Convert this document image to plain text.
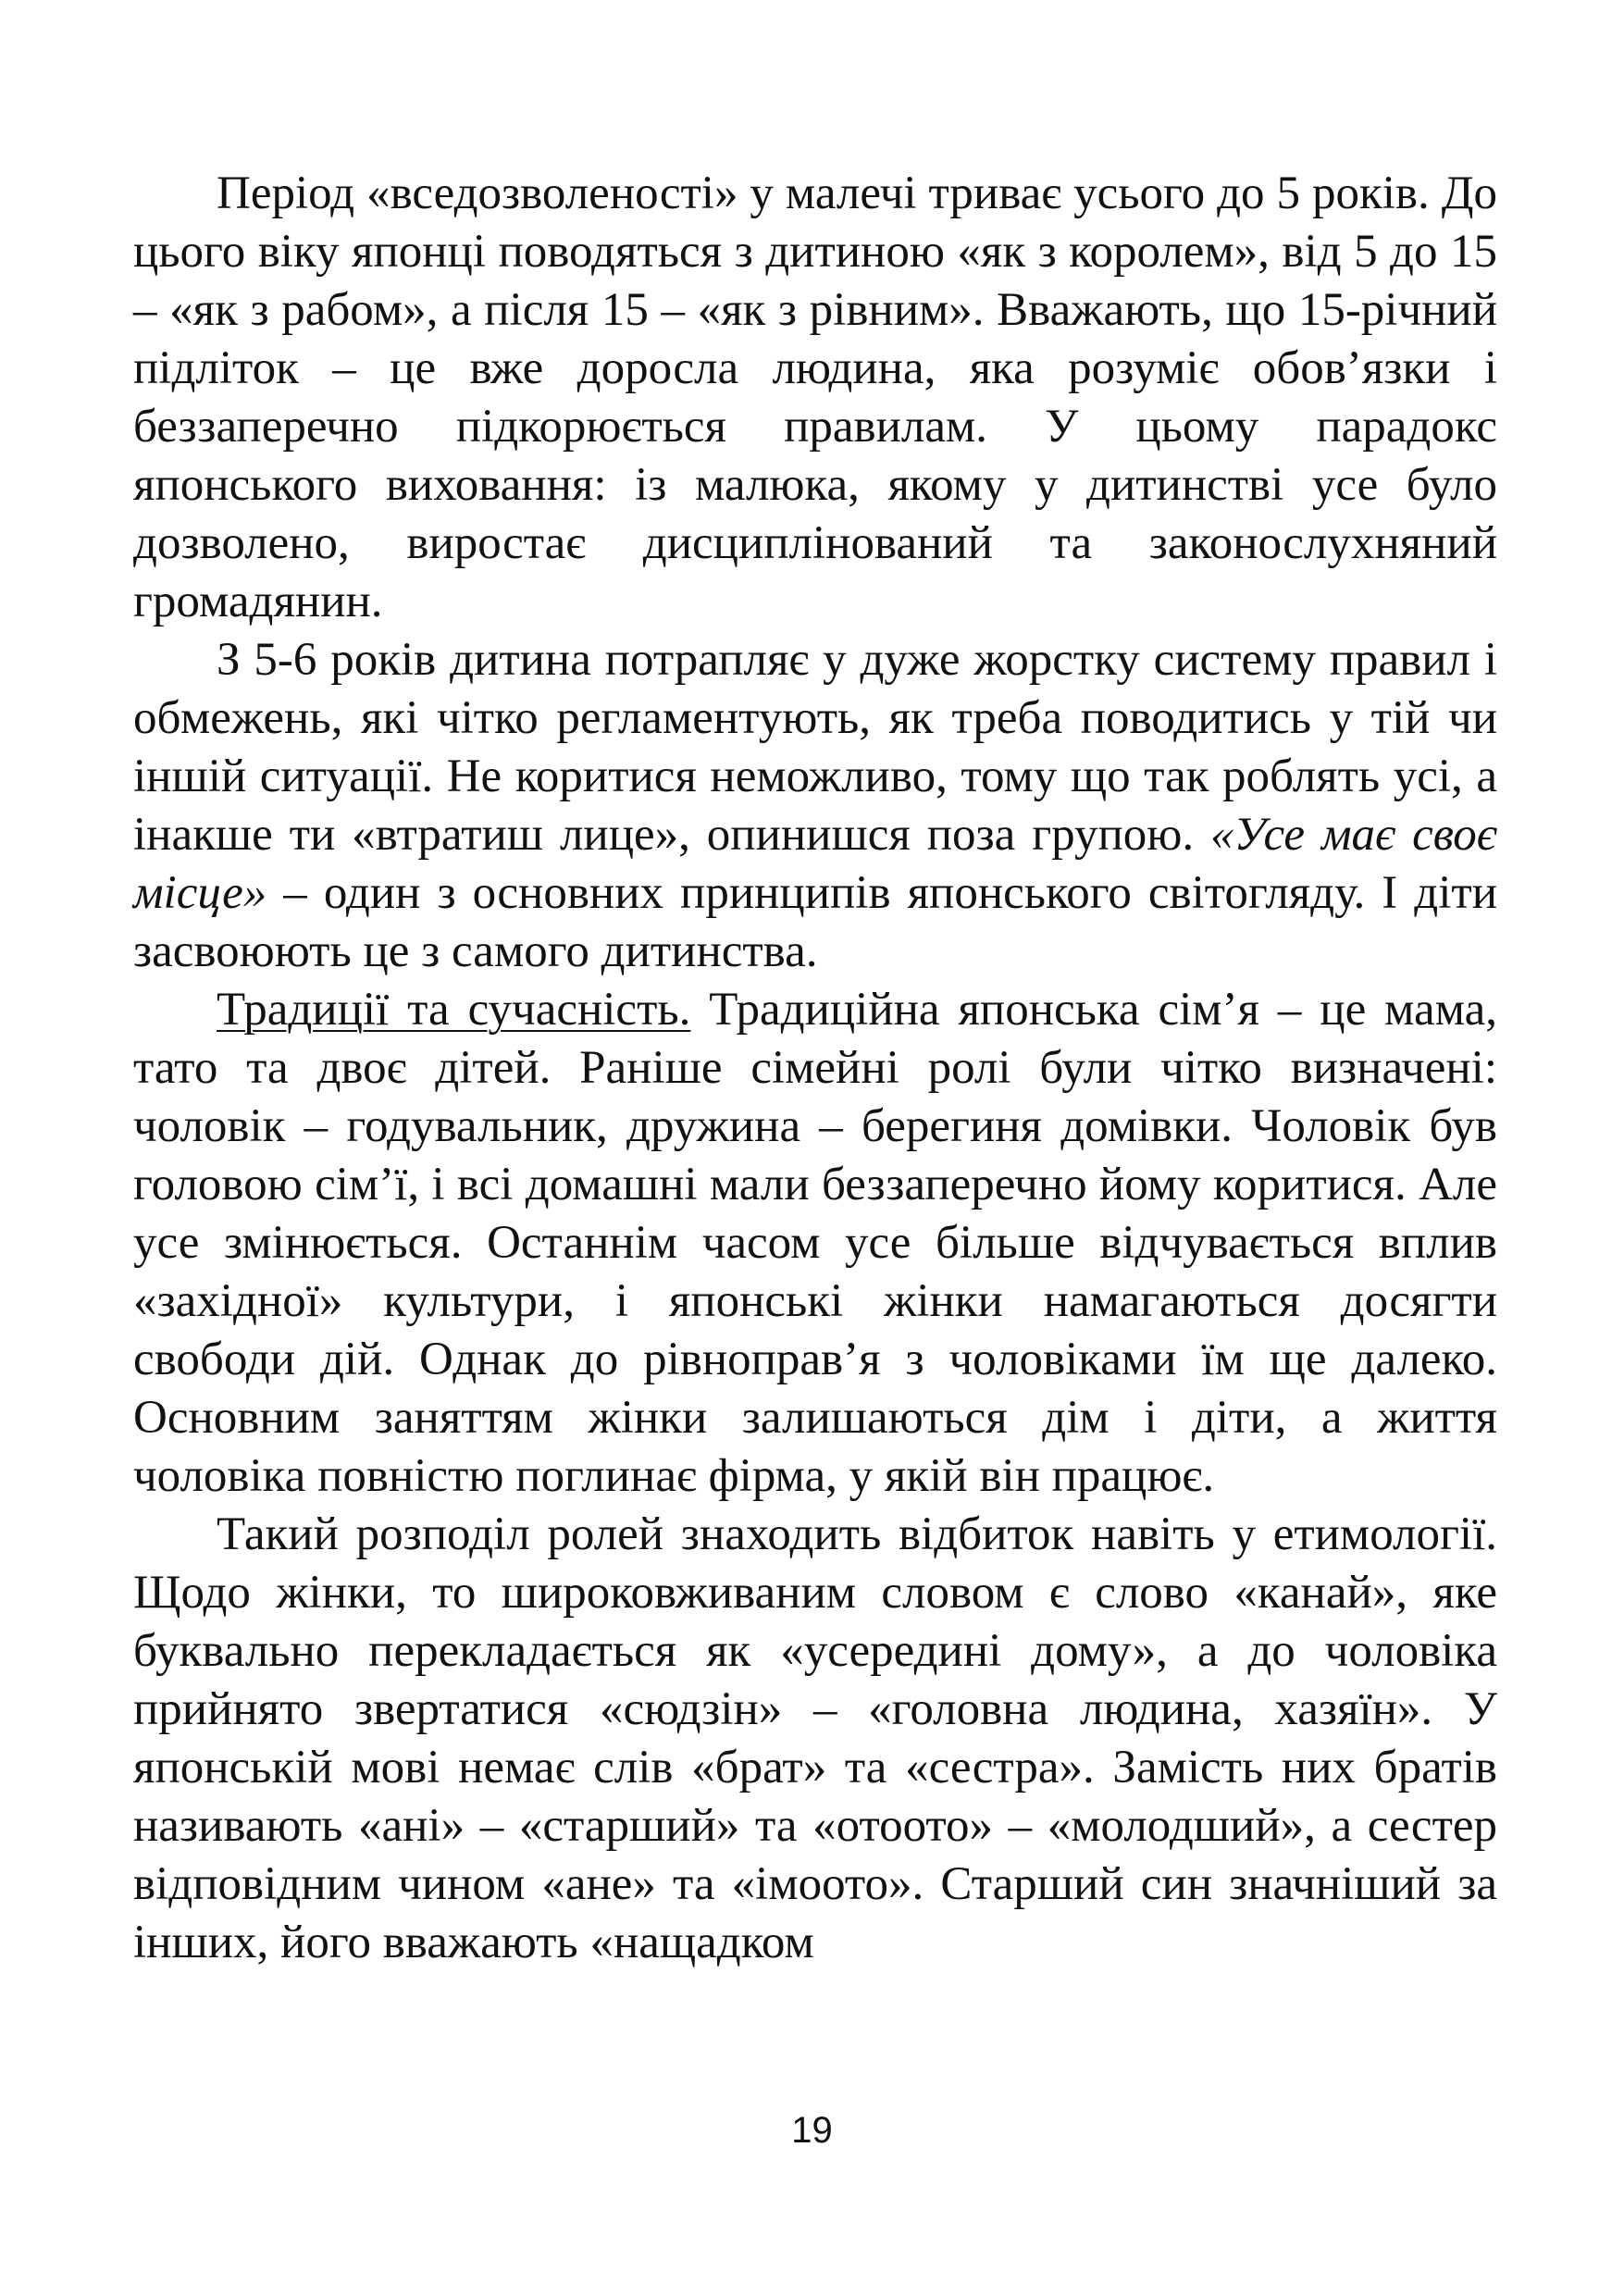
Період «вседозволеності» у малечі триває усього до 5 років. До цього віку японці поводяться з дитиною «як з королем», від 5 до 15 – «як з рабом», а після 15 – «як з рівним». Вважають, що 15-річний підліток – це вже доросла людина, яка розуміє обов’язки і беззаперечно підкорюється правилам. У цьому парадокс японського виховання: із малюка, якому у дитинстві усе було дозволено, виростає дисциплінований та законослухняний громадянин.

З 5-6 років дитина потрапляє у дуже жорстку систему правил і обмежень, які чітко регламентують, як треба поводитись у тій чи іншій ситуації. Не коритися неможливо, тому що так роблять усі, а інакше ти «втратиш лице», опинишся поза групою. «Усе має своє місце» – один з основних принципів японського світогляду. І діти засвоюють це з самого дитинства.

Традиції та сучасність. Традиційна японська сім’я – це мама, тато та двоє дітей. Раніше сімейні ролі були чітко визначені: чоловік – годувальник, дружина – берегиня домівки. Чоловік був головою сім’ї, і всі домашні мали беззаперечно йому коритися. Але усе змінюється. Останнім часом усе більше відчувається вплив «західної» культури, і японські жінки намагаються досягти свободи дій. Однак до рівноправ’я з чоловіками їм ще далеко. Основним заняттям жінки залишаються дім і діти, а життя чоловіка повністю поглинає фірма, у якій він працює.

Такий розподіл ролей знаходить відбиток навіть у етимології. Щодо жінки, то широковживаним словом є слово «канай», яке буквально перекладається як «усередині дому», а до чоловіка прийнято звертатися «сюдзін» – «головна людина, хазяїн». У японській мові немає слів «брат» та «сестра». Замість них братів називають «ані» – «старший» та «отоото» – «молодший», а сестер відповідним чином «ане» та «імоото». Старший син значніший за інших, його вважають «нащадком

19
